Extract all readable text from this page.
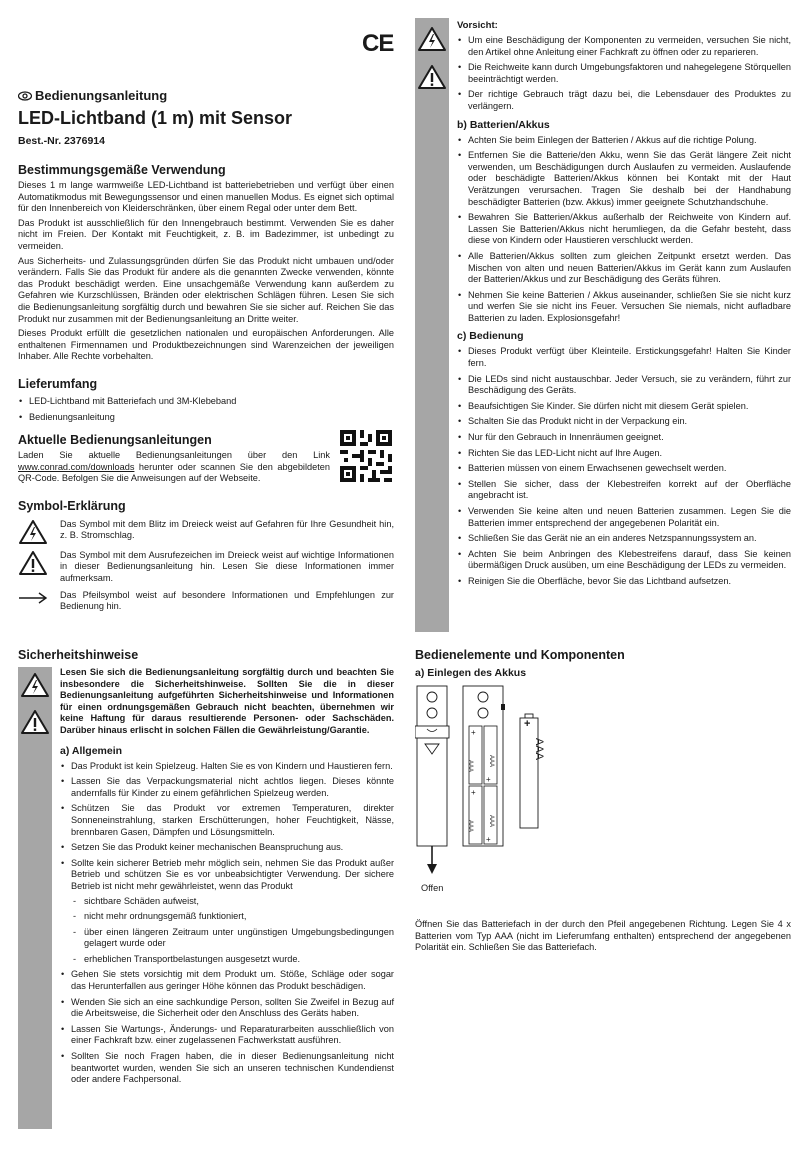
CE
Bedienungsanleitung
LED-Lichtband (1 m) mit Sensor
Best.-Nr. 2376914
Bestimmungsgemäße Verwendung

Dieses 1 m lange warmweiße LED-Lichtband ist batteriebetrieben und verfügt über einen Automatikmodus mit Bewegungssensor und einen manuellen Modus. Es eignet sich optimal für den Innenbereich von Kleiderschränken, über einem Regal oder unter dem Bett.

Das Produkt ist ausschließlich für den Innengebrauch bestimmt. Verwenden Sie es daher nicht im Freien. Der Kontakt mit Feuchtigkeit, z. B. im Badezimmer, ist unbedingt zu vermeiden.

Aus Sicherheits- und Zulassungsgründen dürfen Sie das Produkt nicht umbauen und/oder verändern. Falls Sie das Produkt für andere als die genannten Zwecke verwenden, könnte das Produkt beschädigt werden. Eine unsachgemäße Verwendung kann außerdem zu Gefahren wie Kurzschlüssen, Bränden oder elektrischen Schlägen führen. Lesen Sie sich die Bedienungsanleitung sorgfältig durch und bewahren Sie sie sicher auf. Reichen Sie das Produkt nur zusammen mit der Bedienungsanleitung an Dritte weiter.

Dieses Produkt erfüllt die gesetzlichen nationalen und europäischen Anforderungen. Alle enthaltenen Firmennamen und Produktbezeichnungen sind Warenzeichen der jeweiligen Inhaber. Alle Rechte vorbehalten.

Lieferumfang
• LED-Lichtband mit Batteriefach und 3M-Klebeband
• Bedienungsanleitung
Aktuelle Bedienungsanleitungen

Laden Sie aktuelle Bedienungsanleitungen über den Link www.conrad.com/downloads herunter oder scannen Sie den abgebildeten QR-Code. Befolgen Sie die Anweisungen auf der Webseite.

Symbol-Erklärung

Das Symbol mit dem Blitz im Dreieck weist auf Gefahren für Ihre Gesundheit hin, z. B. Stromschlag.

Das Symbol mit dem Ausrufezeichen im Dreieck weist auf wichtige Informationen in dieser Bedienungsanleitung hin. Lesen Sie diese Informationen immer aufmerksam.

Das Pfeilsymbol weist auf besondere Informationen und Empfehlungen zur Bedienung hin.

Sicherheitshinweise

Lesen Sie sich die Bedienungsanleitung sorgfältig durch und beachten Sie insbesondere die Sicherheitshinweise. Sollten Sie die in dieser Bedienungsanleitung aufgeführten Sicherheitshinweise und Informationen für einen ordnungsgemäßen Gebrauch nicht beachten, übernehmen wir keine Haftung für daraus resultierende Personen- oder Sachschäden. Darüber hinaus erlischt in solchen Fällen die Gewährleistung/Garantie.

a) Allgemein
• Das Produkt ist kein Spielzeug. Halten Sie es von Kindern und Haustieren fern.
• Lassen Sie das Verpackungsmaterial nicht achtlos liegen. Dieses könnte andernfalls für Kinder zu einem gefährlichen Spielzeug werden.
• Schützen Sie das Produkt vor extremen Temperaturen, direkter Sonneneinstrahlung, starken Erschütterungen, hoher Feuchtigkeit, Nässe, brennbaren Gasen, Dämpfen und Lösungsmitteln.
• Setzen Sie das Produkt keiner mechanischen Beanspruchung aus.
• Sollte kein sicherer Betrieb mehr möglich sein, nehmen Sie das Produkt außer Betrieb und schützen Sie es vor unbeabsichtigter Verwendung. Der sichere Betrieb ist nicht mehr gewährleistet, wenn das Produkt
- sichtbare Schäden aufweist,
- nicht mehr ordnungsgemäß funktioniert,
- über einen längeren Zeitraum unter ungünstigen Umgebungsbedingungen gelagert wurde oder
- erheblichen Transportbelastungen ausgesetzt wurde.
• Gehen Sie stets vorsichtig mit dem Produkt um. Stöße, Schläge oder sogar das Herunterfallen aus geringer Höhe können das Produkt beschädigen.
• Wenden Sie sich an eine sachkundige Person, sollten Sie Zweifel in Bezug auf die Arbeitsweise, die Sicherheit oder den Anschluss des Geräts haben.
• Lassen Sie Wartungs-, Änderungs- und Reparaturarbeiten ausschließlich von einer Fachkraft bzw. einer zugelassenen Fachwerkstatt ausführen.
• Sollten Sie noch Fragen haben, die in dieser Bedienungsanleitung nicht beantwortet wurden, wenden Sie sich an unseren technischen Kundendienst oder andere Fachpersonal.
Vorsicht:
• Um eine Beschädigung der Komponenten zu vermeiden, versuchen Sie nicht, den Artikel ohne Anleitung einer Fachkraft zu öffnen oder zu reparieren.
• Die Reichweite kann durch Umgebungsfaktoren und nahegelegene Störquellen beeinträchtigt werden.
• Der richtige Gebrauch trägt dazu bei, die Lebensdauer des Produktes zu verlängern.
b) Batterien/Akkus
• Achten Sie beim Einlegen der Batterien / Akkus auf die richtige Polung.
• Entfernen Sie die Batterie/den Akku, wenn Sie das Gerät längere Zeit nicht verwenden, um Beschädigungen durch Auslaufen zu vermeiden. Auslaufende oder beschädigte Batterien/Akkus können bei Kontakt mit der Haut Verätzungen verursachen. Tragen Sie deshalb bei der Handhabung beschädigter Batterien (bzw. Akkus) immer geeignete Schutzhandschuhe.
• Bewahren Sie Batterien/Akkus außerhalb der Reichweite von Kindern auf. Lassen Sie Batterien/Akkus nicht herumliegen, da die Gefahr besteht, dass diese von Kindern oder Haustieren verschluckt werden.
• Alle Batterien/Akkus sollten zum gleichen Zeitpunkt ersetzt werden. Das Mischen von alten und neuen Batterien/Akkus im Gerät kann zum Auslaufen der Batterien/Akkus und zur Beschädigung des Geräts führen.
• Nehmen Sie keine Batterien / Akkus auseinander, schließen Sie sie nicht kurz und werfen Sie sie nicht ins Feuer. Versuchen Sie niemals, nicht aufladbare Batterien zu laden. Explosionsgefahr!
c) Bedienung
• Dieses Produkt verfügt über Kleinteile. Erstickungsgefahr! Halten Sie Kinder fern.
• Die LEDs sind nicht austauschbar. Jeder Versuch, sie zu verändern, führt zur Beschädigung des Geräts.
• Beaufsichtigen Sie Kinder. Sie dürfen nicht mit diesem Gerät spielen.
• Schalten Sie das Produkt nicht in der Verpackung ein.
• Nur für den Gebrauch in Innenräumen geeignet.
• Richten Sie das LED-Licht nicht auf Ihre Augen.
• Batterien müssen von einem Erwachsenen gewechselt werden.
• Stellen Sie sicher, dass der Klebestreifen korrekt auf der Oberfläche angebracht ist.
• Verwenden Sie keine alten und neuen Batterien zusammen. Legen Sie die Batterien immer entsprechend der angegebenen Polarität ein.
• Schließen Sie das Gerät nie an ein anderes Netzspannungssystem an.
• Achten Sie beim Anbringen des Klebestreifens darauf, dass Sie keinen übermäßigen Druck ausüben, um eine Beschädigung der LEDs zu vermeiden.
• Reinigen Sie die Oberfläche, bevor Sie das Lichtband aufsetzen.
Bedienelemente und Komponenten
a) Einlegen des Akkus
Offen
AAA	AAA
AAA	AAA
+
+
+
+
+
AAA

Öffnen Sie das Batteriefach in der durch den Pfeil angegebenen Richtung. Legen Sie 4 x Batterien vom Typ AAA (nicht im Lieferumfang enthalten) entsprechend der angegebenen Polarität ein. Schließen Sie das Batteriefach.
